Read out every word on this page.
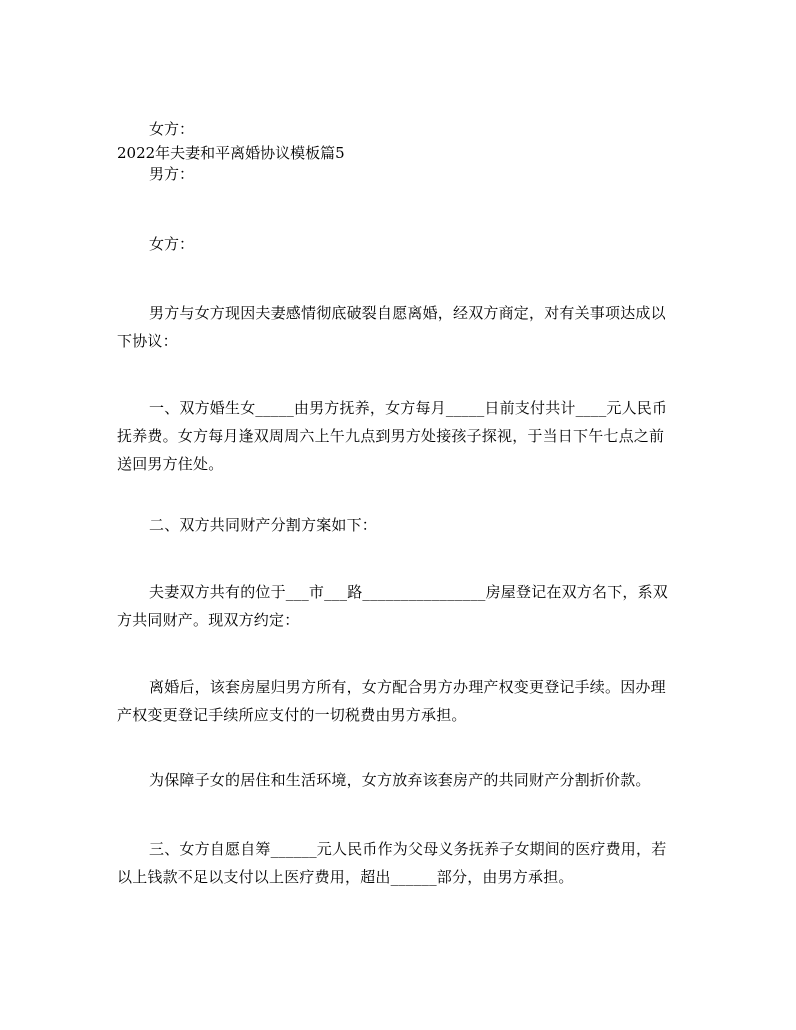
女方：
2022年夫妻和平离婚协议模板篇5
男方：
女方：
男方与女方现因夫妻感情彻底破裂自愿离婚，经双方商定，对有关事项达成以下协议：
一、双方婚生女_____由男方抚养，女方每月_____日前支付共计____元人民币抚养费。女方每月逢双周周六上午九点到男方处接孩子探视，于当日下午七点之前送回男方住处。
二、双方共同财产分割方案如下：
夫妻双方共有的位于___市___路________________房屋登记在双方名下，系双方共同财产。现双方约定：
离婚后，该套房屋归男方所有，女方配合男方办理产权变更登记手续。因办理产权变更登记手续所应支付的一切税费由男方承担。
为保障子女的居住和生活环境，女方放弃该套房产的共同财产分割折价款。
三、女方自愿自筹______元人民币作为父母义务抚养子女期间的医疗费用，若以上钱款不足以支付以上医疗费用，超出______部分，由男方承担。
